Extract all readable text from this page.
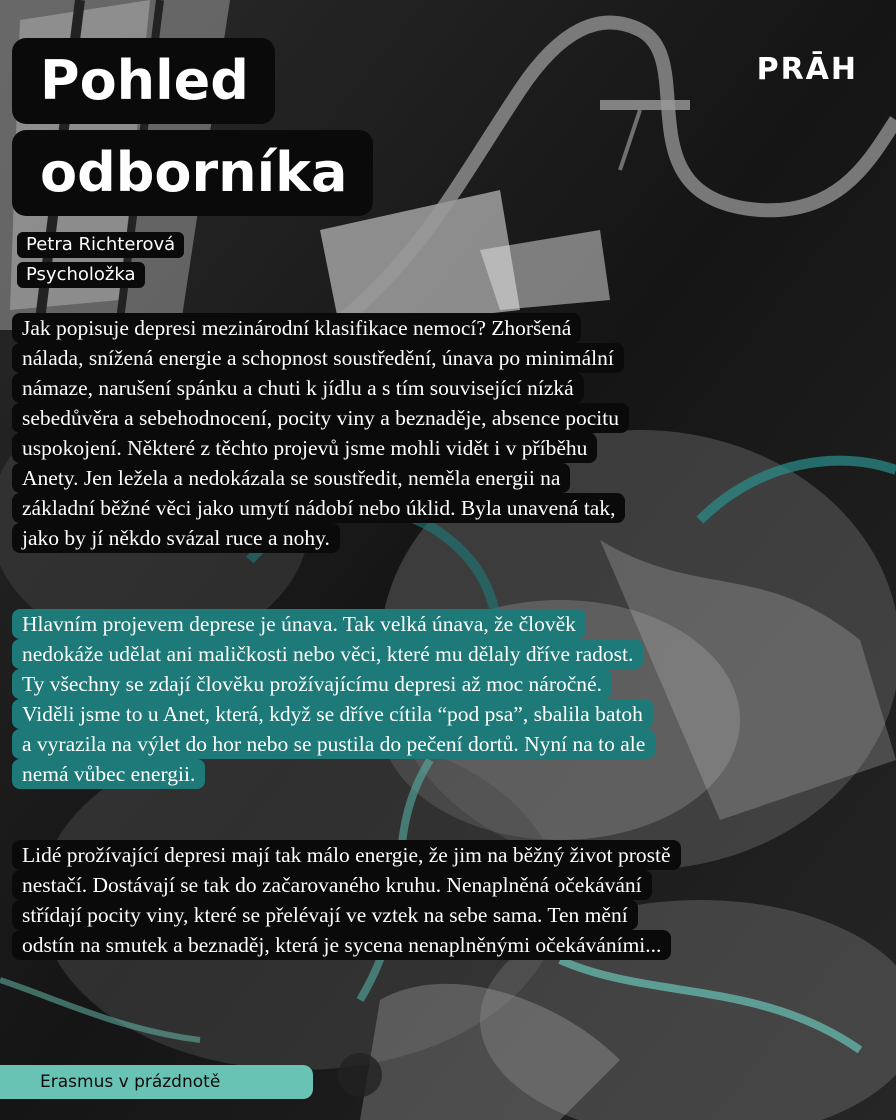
PRĀH
Pohled
odborníka
Petra Richterová
Psycholožka
Jak popisuje depresi mezinárodní klasifikace nemocí? Zhoršená
nálada, snížená energie a schopnost soustředění, únava po minimální
námaze, narušení spánku a chuti k jídlu a s tím související nízká
sebedůvěra a sebehodnocení, pocity viny a beznaděje, absence pocitu
uspokojení. Některé z těchto projevů jsme mohli vidět i v příběhu
Anety. Jen ležela a nedokázala se soustředit, neměla energii na
základní běžné věci jako umytí nádobí nebo úklid. Byla unavená tak,
jako by jí někdo svázal ruce a nohy.
Hlavním projevem deprese je únava. Tak velká únava, že člověk
nedokáže udělat ani maličkosti nebo věci, které mu dělaly dříve radost.
Ty všechny se zdají člověku prožívajícímu depresi až moc náročné.
Viděli jsme to u Anet, která, když se dříve cítila “pod psa”, sbalila batoh
a vyrazila na výlet do hor nebo se pustila do pečení dortů. Nyní na to ale
nemá vůbec energii.
Lidé prožívající depresi mají tak málo energie, že jim na běžný život prostě
nestačí. Dostávají se tak do začarovaného kruhu. Nenaplněná očekávání
střídají pocity viny, které se přelévají ve vztek na sebe sama. Ten mění
odstín na smutek a beznaděj, která je sycena nenaplněnými očekáváními...
Erasmus v prázdnotě
